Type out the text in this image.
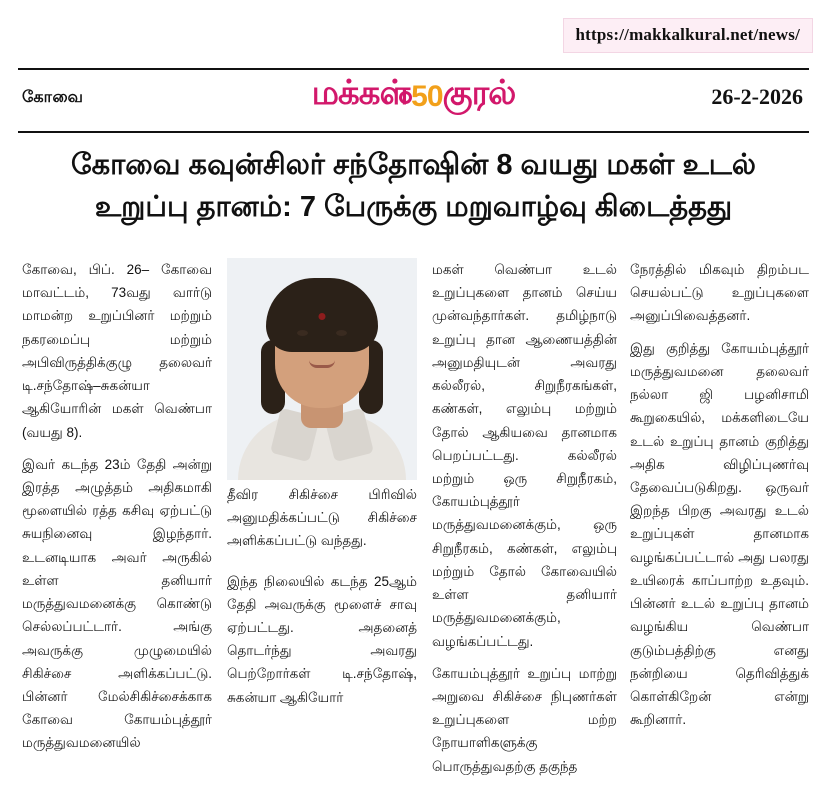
https://makkalkural.net/news/
கோவை	மக்கள்50குரல்	26-2-2026
கோவை கவுன்சிலர் சந்தோஷின் 8 வயது மகள் உடல்
உறுப்பு தானம்: 7 பேருக்கு மறுவாழ்வு கிடைத்தது

கோவை, பிப். 26– கோவை மாவட்டம், 73வது வார்டு மாமன்ற உறுப்பினர் மற்றும் நகரமைப்பு மற்றும் அபிவிருத்திக்குழு தலைவர் டி.சந்தோஷ்–சுகன்யா ஆகியோரின் மகள் வெண்பா (வயது 8).

இவர் கடந்த 23ம் தேதி அன்று இரத்த அழுத்தம் அதிகமாகி மூளையில் ரத்த கசிவு ஏற்பட்டு சுயநினைவு இழந்தார். உடனடியாக அவர் அருகில் உள்ள தனியார் மருத்துவமனைக்கு கொண்டு செல்லப்பட்டார். அங்கு அவருக்கு முழுமையில் சிகிச்சை அளிக்கப்பட்டு. பின்னர் மேல்சிகிச்சைக்காக கோவை கோயம்புத்தூர் மருத்துவமனையில்

தீவிர சிகிச்சை பிரிவில் அனுமதிக்கப்பட்டு சிகிச்சை அளிக்கப்பட்டு வந்தது.

இந்த நிலையில் கடந்த 25ஆம் தேதி அவருக்கு மூளைச் சாவு ஏற்பட்டது. அதனைத் தொடர்ந்து அவரது பெற்றோர்கள் டி.சந்தோஷ், சுகன்யா ஆகியோர்

மகள் வெண்பா உடல் உறுப்புகளை தானம் செய்ய முன்வந்தார்கள். தமிழ்நாடு உறுப்பு தான ஆணையத்தின் அனுமதியுடன் அவரது கல்லீரல், சிறுநீரகங்கள், கண்கள், எலும்பு மற்றும் தோல் ஆகியவை தானமாக பெறப்பட்டது. கல்லீரல் மற்றும் ஒரு சிறுநீரகம், கோயம்புத்தூர் மருத்துவமனைக்கும், ஒரு சிறுநீரகம், கண்கள், எலும்பு மற்றும் தோல் கோவையில் உள்ள தனியார் மருத்துவமனைக்கும், வழங்கப்பட்டது.

கோயம்புத்தூர் உறுப்பு மாற்று அறுவை சிகிச்சை நிபுணர்கள் உறுப்புகளை மற்ற நோயாளிகளுக்கு பொருத்துவதற்கு தகுந்த

நேரத்தில் மிகவும் திறம்பட செயல்பட்டு உறுப்புகளை அனுப்பிவைத்தனர்.

இது குறித்து கோயம்புத்தூர் மருத்துவமனை தலைவர் நல்லா ஜி பழனிசாமி கூறுகையில், மக்களிடையே உடல் உறுப்பு தானம் குறித்து அதிக விழிப்புணர்வு தேவைப்படுகிறது. ஒருவர் இறந்த பிறகு அவரது உடல் உறுப்புகள் தானமாக வழங்கப்பட்டால் அது பலரது உயிரைக் காப்பாற்ற உதவும். பின்னர் உடல் உறுப்பு தானம் வழங்கிய வெண்பா குடும்பத்திற்கு எனது நன்றியை தெரிவித்துக் கொள்கிறேன் என்று கூறினார்.
